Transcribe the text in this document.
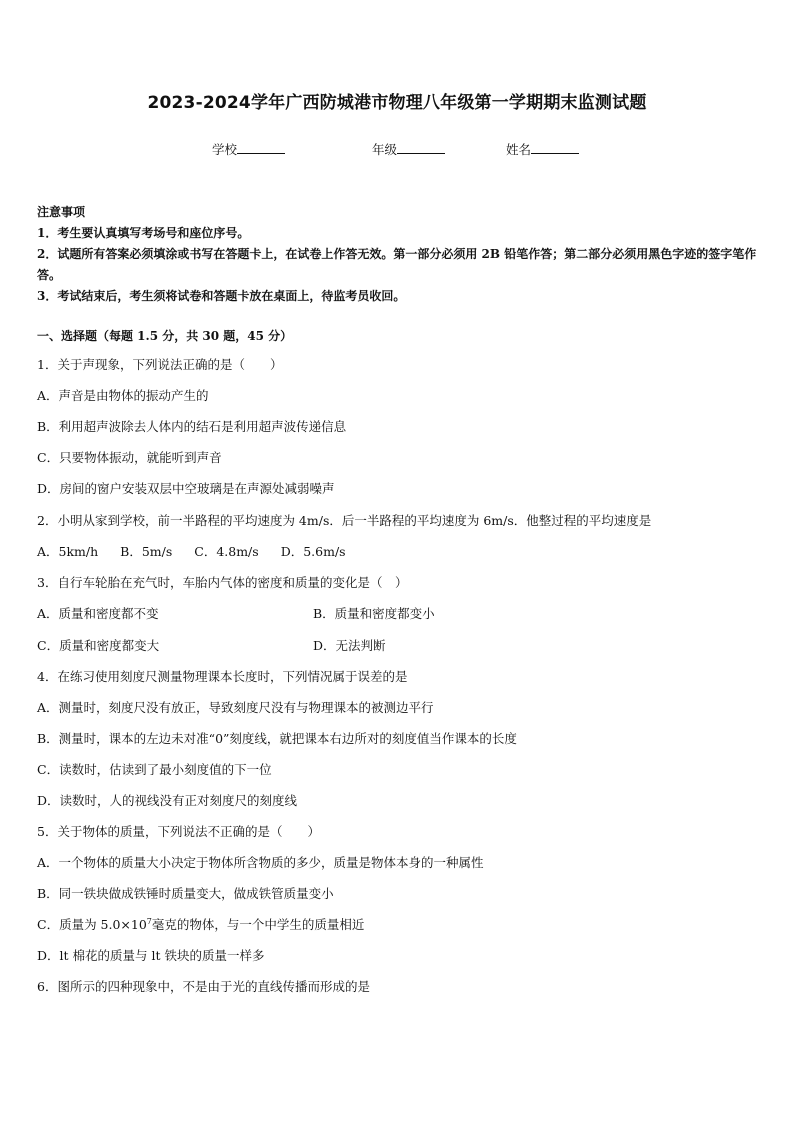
2023-2024学年广西防城港市物理八年级第一学期期末监测试题
学校	年级	姓名

注意事项

1．考生要认真填写考场号和座位序号。

2．试题所有答案必须填涂或书写在答题卡上，在试卷上作答无效。第一部分必须用 2B 铅笔作答；第二部分必须用黑色字迹的签字笔作答。

3．考试结束后，考生须将试卷和答题卡放在桌面上，待监考员收回。

一、选择题（每题 1.5 分，共 30 题，45 分）
1．关于声现象，下列说法正确的是（　　）
A．声音是由物体的振动产生的
B．利用超声波除去人体内的结石是利用超声波传递信息
C．只要物体振动，就能听到声音
D．房间的窗户安装双层中空玻璃是在声源处减弱噪声
2．小明从家到学校，前一半路程的平均速度为 4m/s．后一半路程的平均速度为 6m/s．他整过程的平均速度是
A．5km/h B．5m/s C．4.8m/s D．5.6m/s
3．自行车轮胎在充气时，车胎内气体的密度和质量的变化是（　）
A．质量和密度都不变	B．质量和密度都变小
C．质量和密度都变大	D．无法判断
4．在练习使用刻度尺测量物理课本长度时，下列情况属于误差的是
A．测量时，刻度尺没有放正，导致刻度尺没有与物理课本的被测边平行
B．测量时，课本的左边未对准“0”刻度线，就把课本右边所对的刻度值当作课本的长度
C．读数时，估读到了最小刻度值的下一位
D．读数时，人的视线没有正对刻度尺的刻度线
5．关于物体的质量，下列说法不正确的是（　　）
A．一个物体的质量大小决定于物体所含物质的多少，质量是物体本身的一种属性
B．同一铁块做成铁锤时质量变大，做成铁管质量变小
C．质量为 $5.0\times 10^7$毫克的物体，与一个中学生的质量相近
D．lt 棉花的质量与 lt 铁块的质量一样多
6．图所示的四种现象中，不是由于光的直线传播而形成的是
